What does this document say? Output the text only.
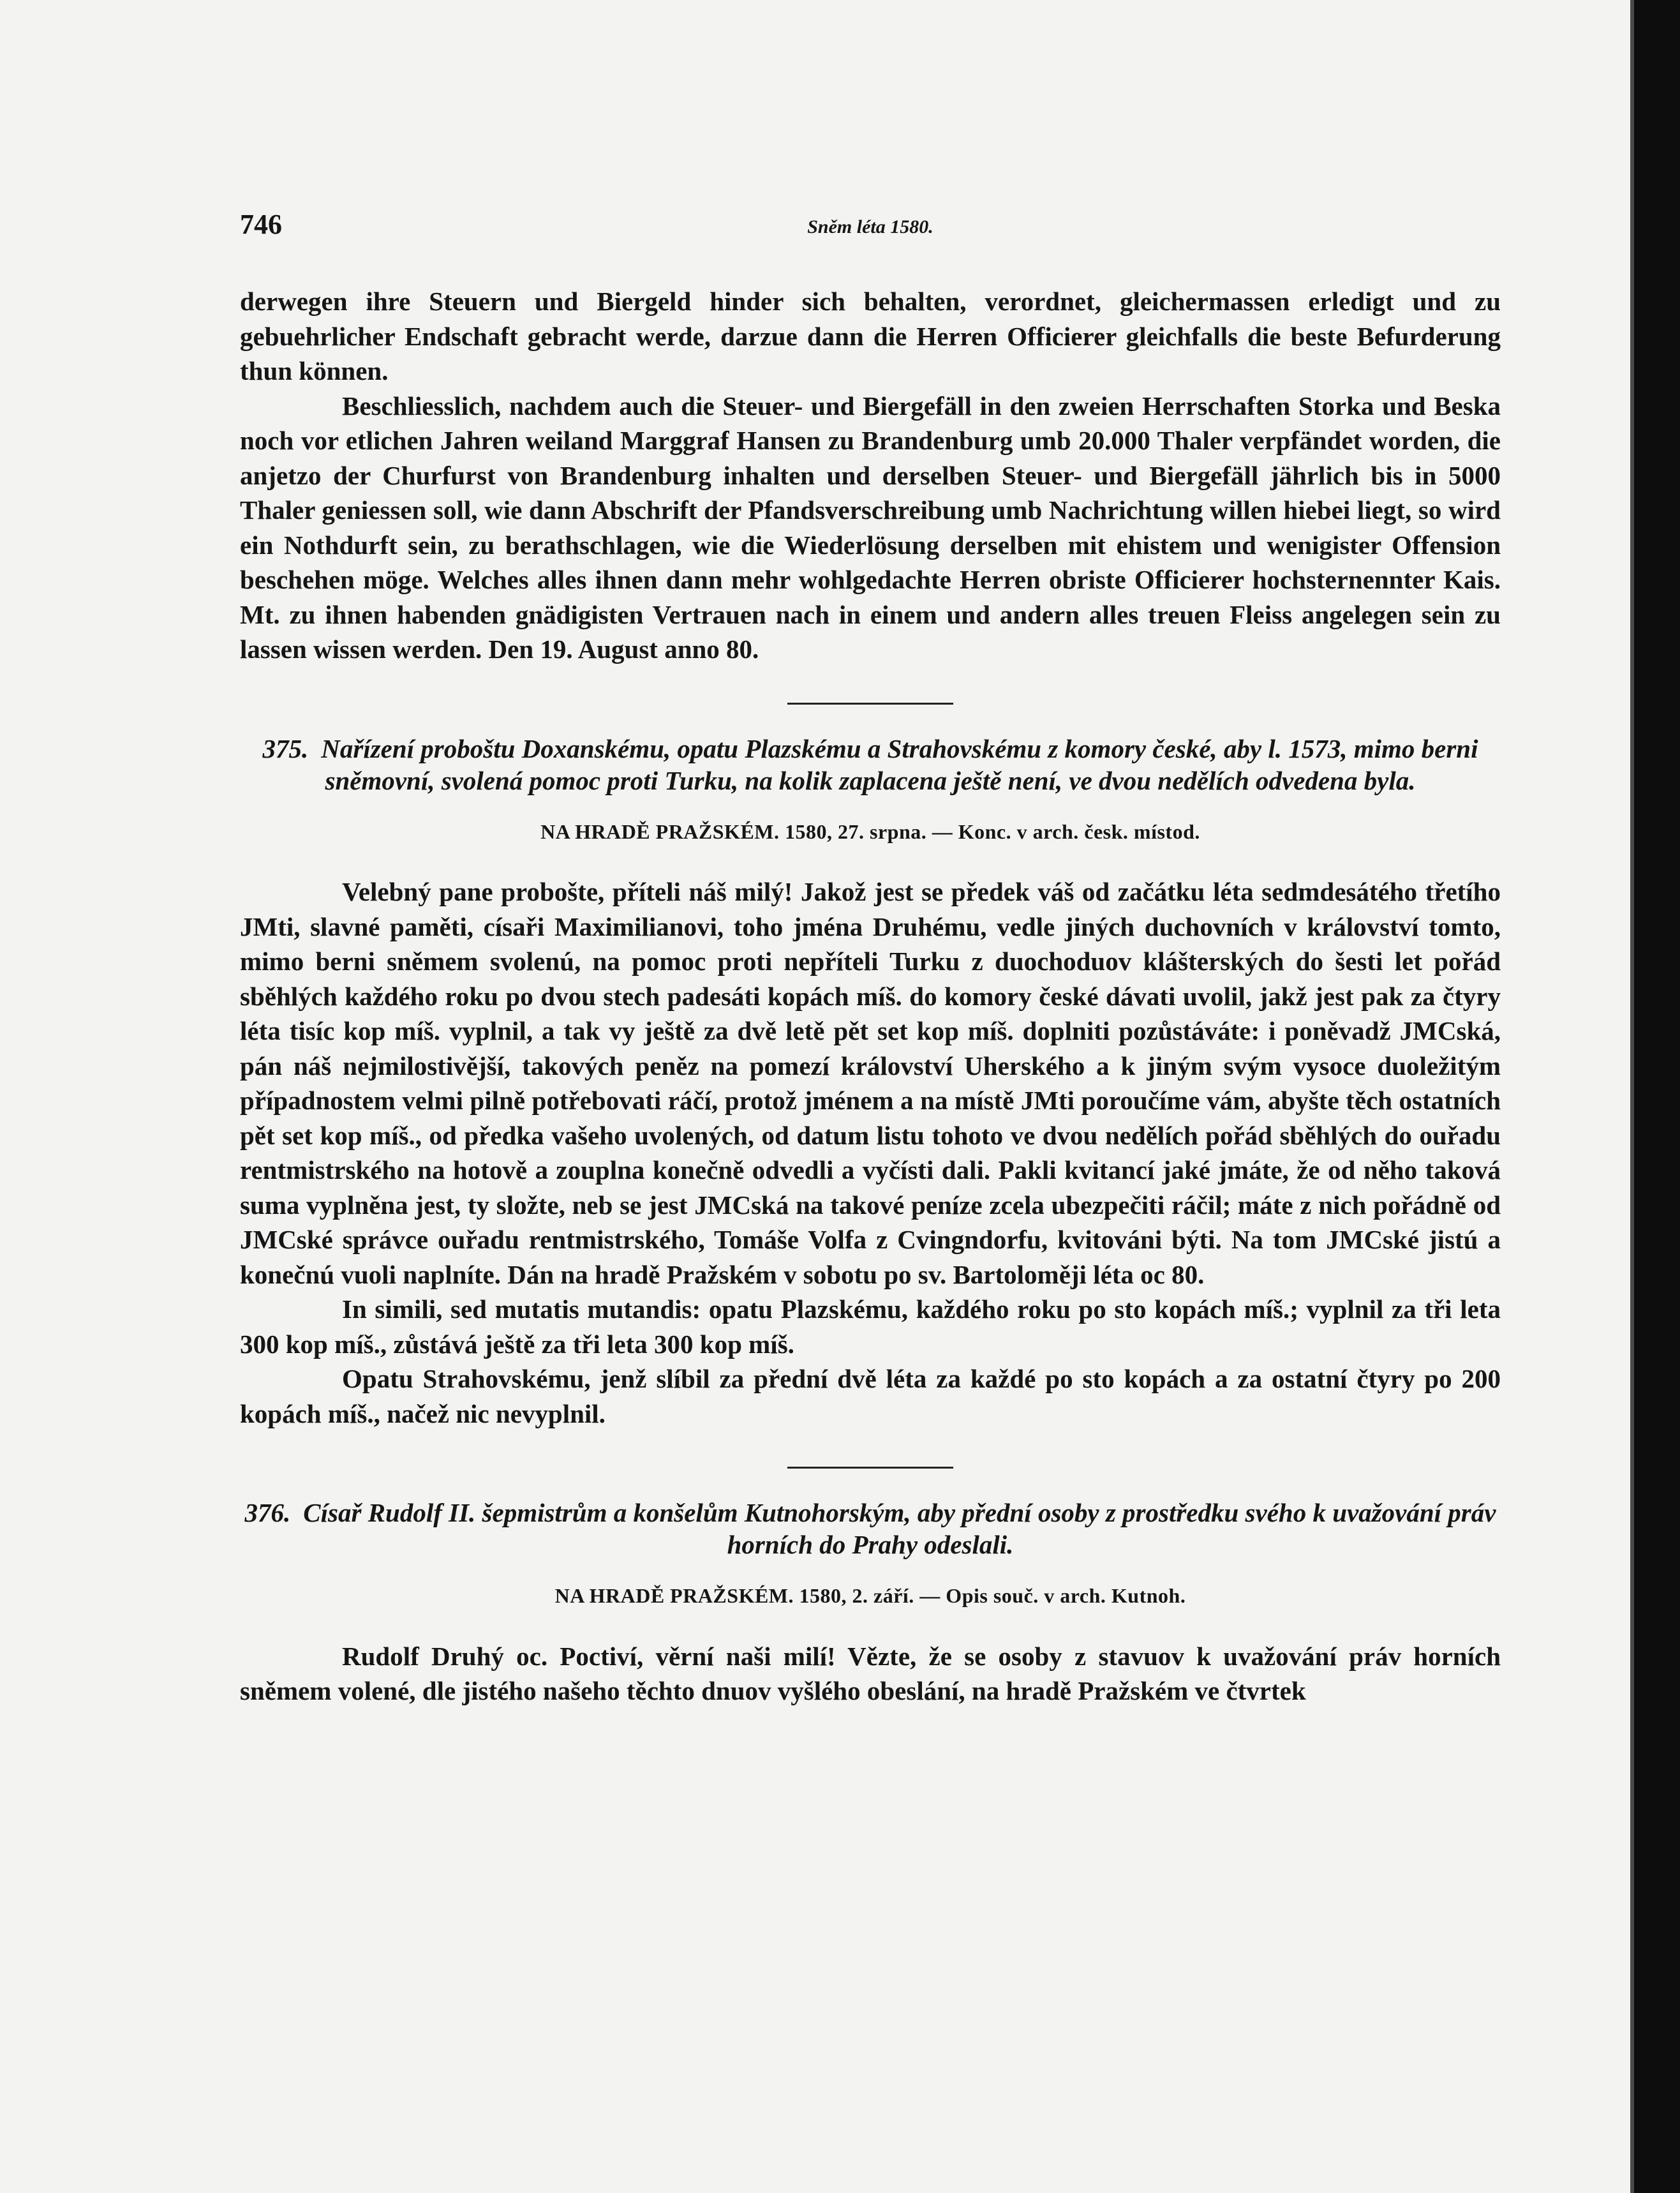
746	Sněm léta 1580.

derwegen ihre Steuern und Biergeld hinder sich behalten, verordnet, gleichermassen erledigt und zu gebuehrlicher Endschaft gebracht werde, darzue dann die Herren Officierer gleichfalls die beste Befurderung thun können.

Beschliesslich, nachdem auch die Steuer- und Biergefäll in den zweien Herrschaften Storka und Beska noch vor etlichen Jahren weiland Marggraf Hansen zu Brandenburg umb 20.000 Thaler verpfändet worden, die anjetzo der Churfurst von Brandenburg inhalten und derselben Steuer- und Biergefäll jährlich bis in 5000 Thaler geniessen soll, wie dann Abschrift der Pfandsverschreibung umb Nachrichtung willen hiebei liegt, so wird ein Nothdurft sein, zu berathschlagen, wie die Wiederlösung derselben mit ehistem und wenigister Offension beschehen möge. Welches alles ihnen dann mehr wohlgedachte Herren obriste Officierer hochsternennter Kais. Mt. zu ihnen habenden gnädigisten Vertrauen nach in einem und andern alles treuen Fleiss angelegen sein zu lassen wissen werden. Den 19. August anno 80.

375. Nařízení proboštu Doxanskému, opatu Plazskému a Strahovskému z komory české, aby l. 1573, mimo berni sněmovní, svolená pomoc proti Turku, na kolik zaplacena ještě není, ve dvou nedělích odvedena byla.
NA HRADĚ PRAŽSKÉM. 1580, 27. srpna. — Konc. v arch. česk. místod.

Velebný pane probošte, příteli náš milý! Jakož jest se předek váš od začátku léta sedmdesátého třetího JMti, slavné paměti, císaři Maximilianovi, toho jména Druhému, vedle jiných duchovních v království tomto, mimo berni sněmem svolenú, na pomoc proti nepříteli Turku z duochoduov klášterských do šesti let pořád sběhlých každého roku po dvou stech padesáti kopách míš. do komory české dávati uvolil, jakž jest pak za čtyry léta tisíc kop míš. vyplnil, a tak vy ještě za dvě letě pět set kop míš. doplniti pozůstáváte: i poněvadž JMCská, pán náš nejmilostivější, takových peněz na pomezí království Uherského a k jiným svým vysoce duoležitým případnostem velmi pilně potřebovati ráčí, protož jménem a na místě JMti poroučíme vám, abyšte těch ostatních pět set kop míš., od předka vašeho uvolených, od datum listu tohoto ve dvou nedělích pořád sběhlých do ouřadu rentmistrského na hotově a zouplna konečně odvedli a vyčísti dali. Pakli kvitancí jaké jmáte, že od něho taková suma vyplněna jest, ty složte, neb se jest JMCská na takové peníze zcela ubezpečiti ráčil; máte z nich pořádně od JMCské správce ouřadu rentmistrského, Tomáše Volfa z Cvingndorfu, kvitováni býti. Na tom JMCské jistú a konečnú vuoli naplníte. Dán na hradě Pražském v sobotu po sv. Bartoloměji léta oc 80.

In simili, sed mutatis mutandis: opatu Plazskému, každého roku po sto kopách míš.; vyplnil za tři leta 300 kop míš., zůstává ještě za tři leta 300 kop míš.

Opatu Strahovskému, jenž slíbil za přední dvě léta za každé po sto kopách a za ostatní čtyry po 200 kopách míš., načež nic nevyplnil.

376. Císař Rudolf II. šepmistrům a konšelům Kutnohorským, aby přední osoby z prostředku svého k uvažování práv horních do Prahy odeslali.
NA HRADĚ PRAŽSKÉM. 1580, 2. září. — Opis souč. v arch. Kutnoh.

Rudolf Druhý oc. Poctiví, věrní naši milí! Vězte, že se osoby z stavuov k uvažování práv horních sněmem volené, dle jistého našeho těchto dnuov vyšlého obeslání, na hradě Pražském ve čtvrtek
